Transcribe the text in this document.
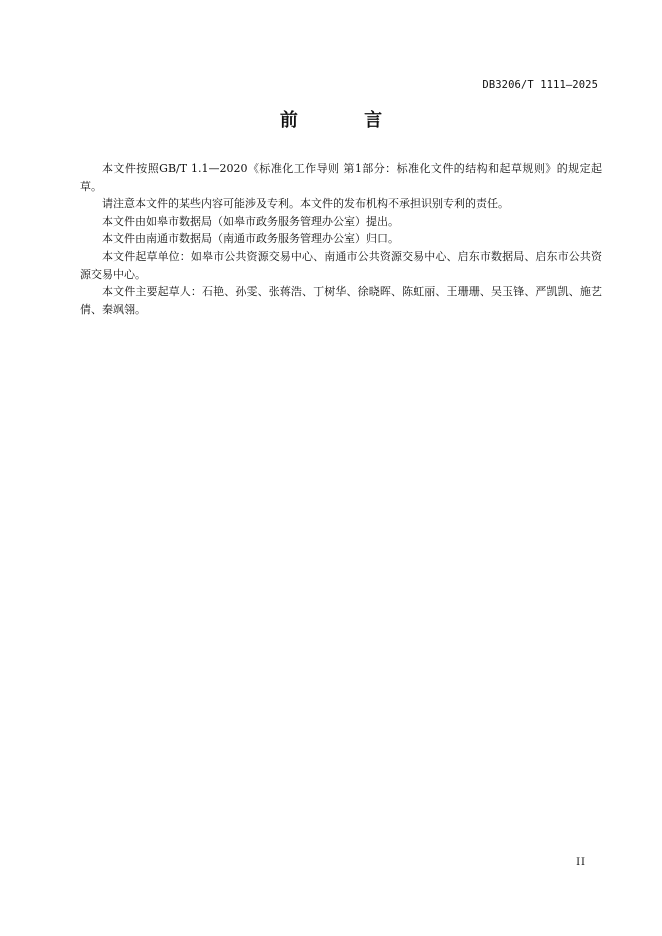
DB3206/T 1111—2025
前 言

本文件按照GB/T 1.1—2020《标准化工作导则 第1部分：标准化文件的结构和起草规则》的规定起草。

请注意本文件的某些内容可能涉及专利。本文件的发布机构不承担识别专利的责任。

本文件由如皋市数据局（如皋市政务服务管理办公室）提出。

本文件由南通市数据局（南通市政务服务管理办公室）归口。

本文件起草单位：如皋市公共资源交易中心、南通市公共资源交易中心、启东市数据局、启东市公共资源交易中心。

本文件主要起草人：石艳、孙雯、张蒋浩、丁树华、徐晓晖、陈虹丽、王珊珊、吴玉锋、严凯凯、施艺倩、秦飒翎。

II
